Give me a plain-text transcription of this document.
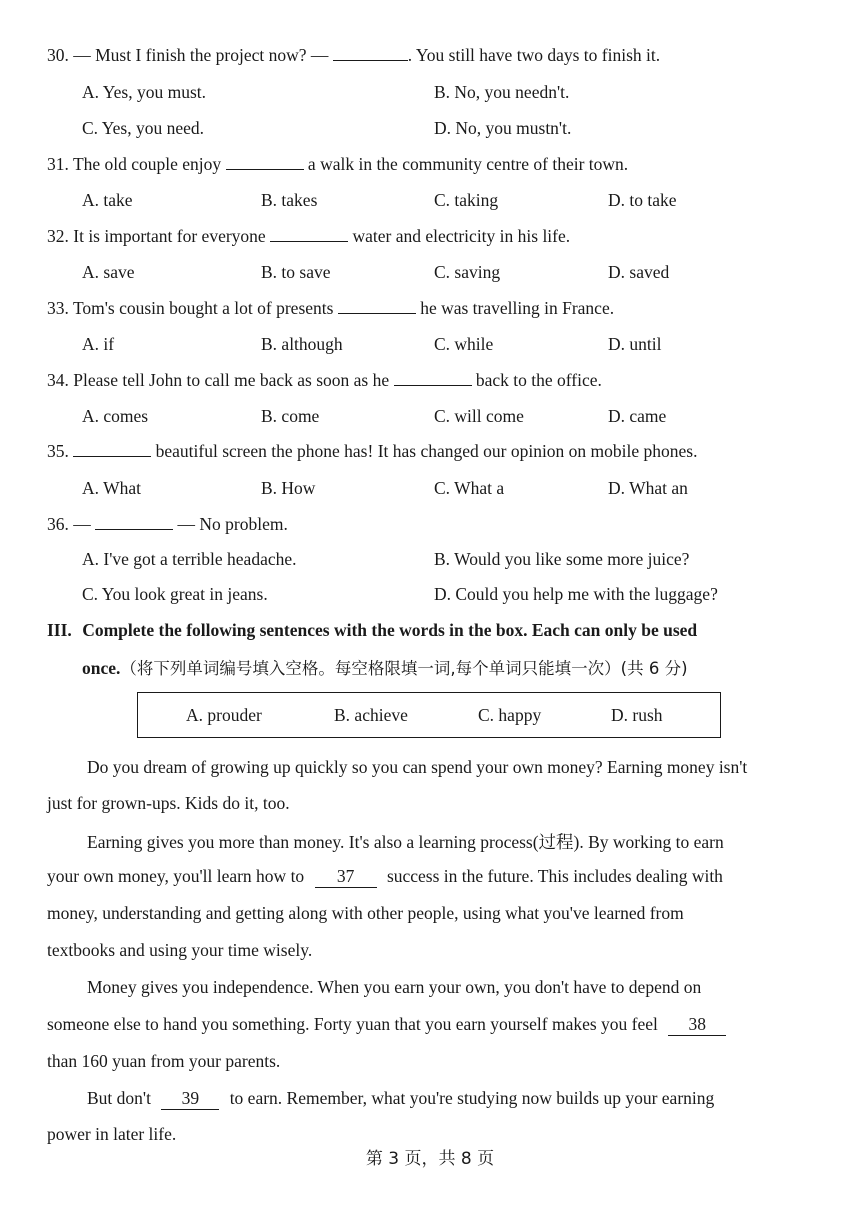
30. — Must I finish the project now? —	. You still have two days to finish it.
A. Yes, you must.	B. No, you needn't.
C. Yes, you need.	D. No, you mustn't.
31. The old couple enjoy	a walk in the community centre of their town.
A. take	B. takes	C. taking	D. to take
32. It is important for everyone	water and electricity in his life.
A. save	B. to save	C. saving	D. saved
33. Tom's cousin bought a lot of presents	he was travelling in France.
A. if	B. although	C. while	D. until
34. Please tell John to call me back as soon as he	back to the office.
A. comes	B. come	C. will come	D. came
35.	beautiful screen the phone has! It has changed our opinion on mobile phones.
A. What	B. How	C. What a	D. What an
36. —	— No problem.
A. I've got a terrible headache.	B. Would you like some more juice?
C. You look great in jeans.	D. Could you help me with the luggage?
III. Complete the following sentences with the words in the box. Each can only be used
once.（将下列单词编号填入空格。每空格限填一词,每个单词只能填一次）(共 6 分)
A. prouder	B. achieve	C. happy	D. rush
Do you dream of growing up quickly so you can spend your own money? Earning money isn't
just for grown-ups. Kids do it, too.
Earning gives you more than money. It's also a learning process(过程). By working to earn
your own money, you'll learn how to 37 success in the future. This includes dealing with
money, understanding and getting along with other people, using what you've learned from
textbooks and using your time wisely.
Money gives you independence. When you earn your own, you don't have to depend on
someone else to hand you something. Forty yuan that you earn yourself makes you feel 38
than 160 yuan from your parents.
But don't 39 to earn. Remember, what you're studying now builds up your earning
power in later life.
第 3 页，共 8 页
